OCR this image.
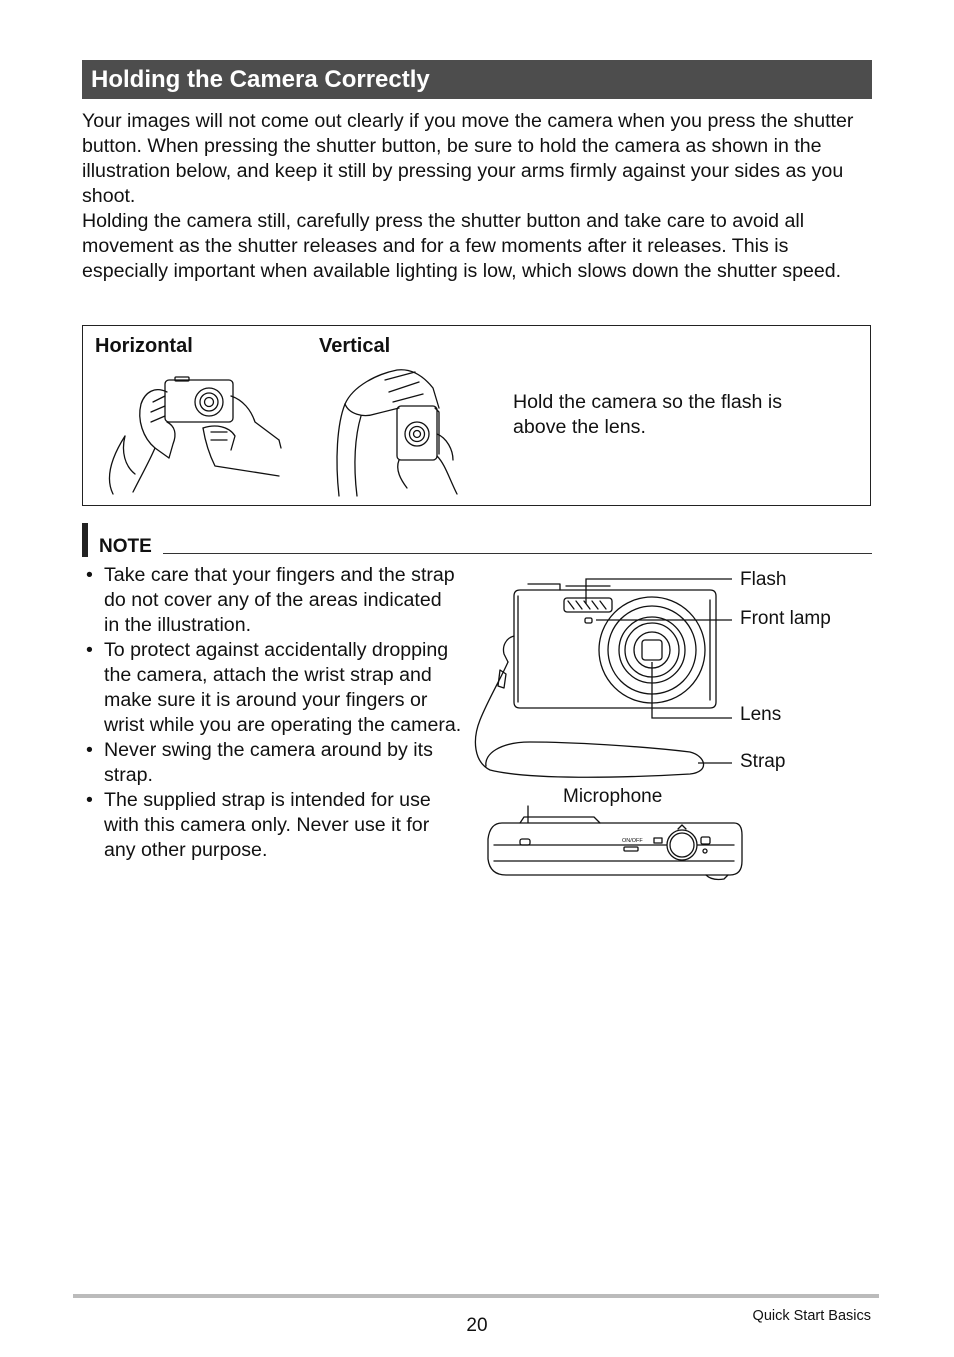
Holding the Camera Correctly

Your images will not come out clearly if you move the camera when you press the shutter button. When pressing the shutter button, be sure to hold the camera as shown in the illustration below, and keep it still by pressing your arms firmly against your sides as you shoot.

Holding the camera still, carefully press the shutter button and take care to avoid all movement as the shutter releases and for a few moments after it releases. This is especially important when available lighting is low, which slows down the shutter speed.

Horizontal	Vertical
Hold the camera so the flash is above the lens.
NOTE
• Take care that your fingers and the strap do not cover any of the areas indicated in the illustration.
• To protect against accidentally dropping the camera, attach the wrist strap and make sure it is around your fingers or wrist while you are operating the camera.
• Never swing the camera around by its strap.
• The supplied strap is intended for use with this camera only. Never use it for any other purpose.
Flash
Front lamp
Lens
Strap
Microphone
ON/OFF
20	Quick Start Basics
